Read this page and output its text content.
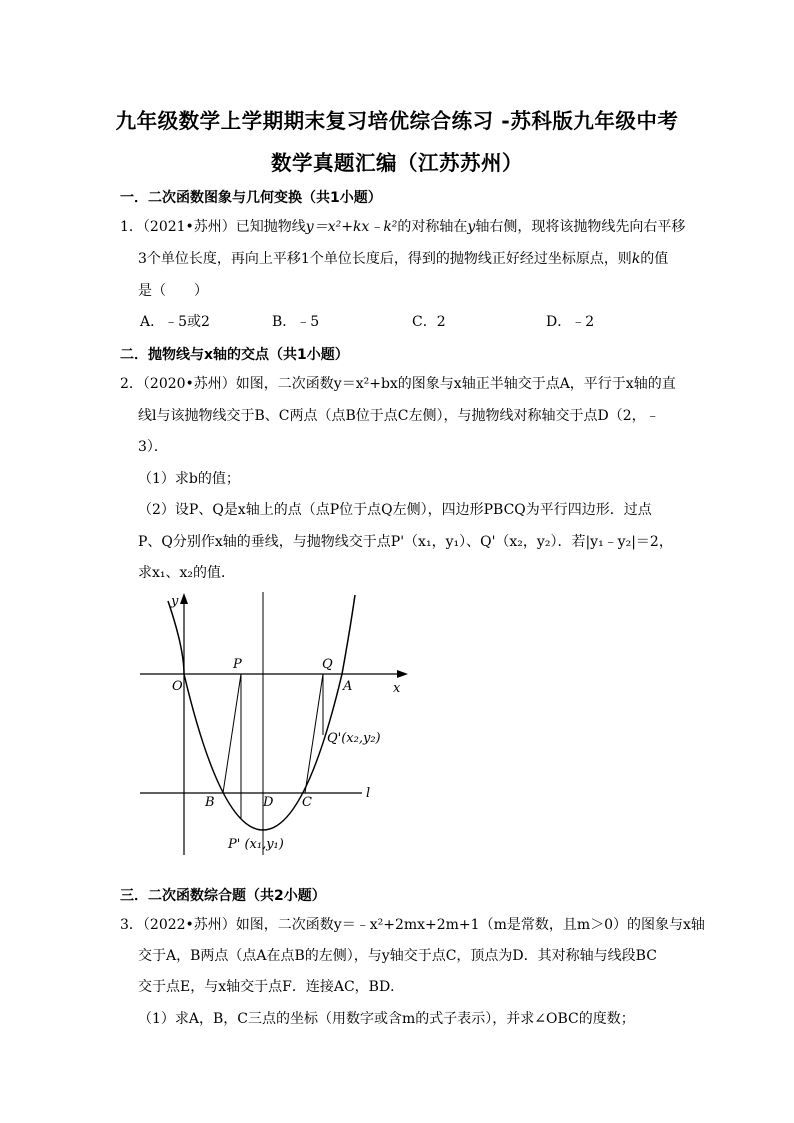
九年级数学上学期期末复习培优综合练习 -苏科版九年级中考
数学真题汇编（江苏苏州）
一．二次函数图象与几何变换（共1小题）
1．（2021•苏州）已知抛物线y＝x²+kx﹣k²的对称轴在y轴右侧，现将该抛物线先向右平移
3个单位长度，再向上平移1个单位长度后，得到的抛物线正好经过坐标原点，则k的值
是（　　）
A．﹣5或2	B．﹣5	C．2	D．﹣2
二．抛物线与x轴的交点（共1小题）
2．（2020•苏州）如图，二次函数y＝x²+bx的图象与x轴正半轴交于点A，平行于x轴的直
线l与该抛物线交于B、C两点（点B位于点C左侧），与抛物线对称轴交于点D（2，﹣
3）．
（1）求b的值；
（2）设P、Q是x轴上的点（点P位于点Q左侧），四边形PBCQ为平行四边形．过点
P、Q分别作x轴的垂线，与抛物线交于点P'（x₁，y₁）、Q'（x₂，y₂）．若|y₁﹣y₂|＝2，
求x₁、x₂的值．
y
x
O
P	Q
A
Q'(x₂,y₂)
B	D C
l
P' (x₁,y₁)
三．二次函数综合题（共2小题）
3．（2022•苏州）如图，二次函数y＝﹣x²+2mx+2m+1（m是常数，且m＞0）的图象与x轴
交于A，B两点（点A在点B的左侧），与y轴交于点C，顶点为D．其对称轴与线段BC
交于点E，与x轴交于点F．连接AC，BD．
（1）求A，B，C三点的坐标（用数字或含m的式子表示），并求∠OBC的度数；
